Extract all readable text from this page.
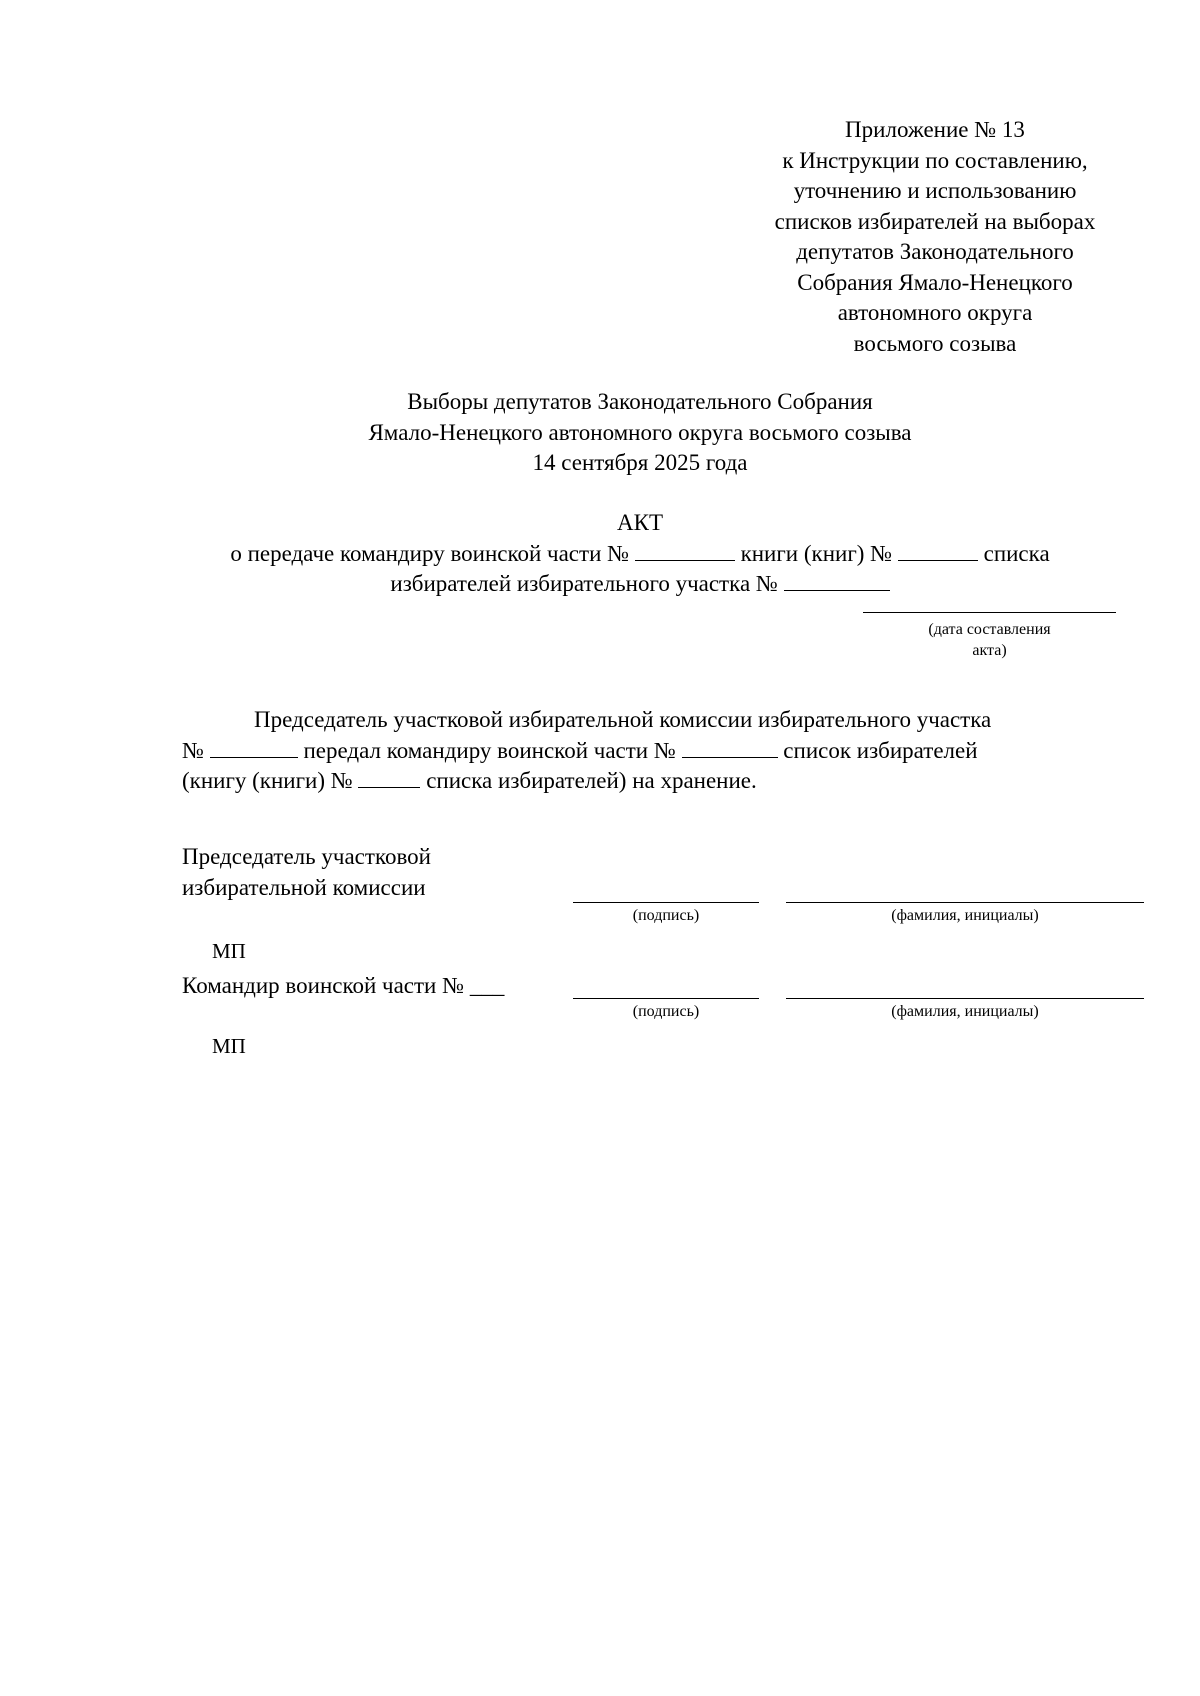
Приложение № 13
к Инструкции по составлению,
уточнению и использованию
списков избирателей на выборах
депутатов Законодательного
Собрания Ямало-Ненецкого
автономного округа
восьмого созыва
Выборы депутатов Законодательного Собрания
Ямало-Ненецкого автономного округа восьмого созыва
14 сентября 2025 года
АКТ
о передаче командиру воинской части №	книги (книг) №	списка
избирателей избирательного участка №
(дата составления
акта)
Председатель участковой избирательной комиссии избирательного участка
№	передал командиру воинской части №	список избирателей
(книгу (книги) №	списка избирателей) на хранение.
Председатель участковой
избирательной комиссии
(подпись)	(фамилия, инициалы)
МП
Командир воинской части № ___
(подпись)	(фамилия, инициалы)
МП
